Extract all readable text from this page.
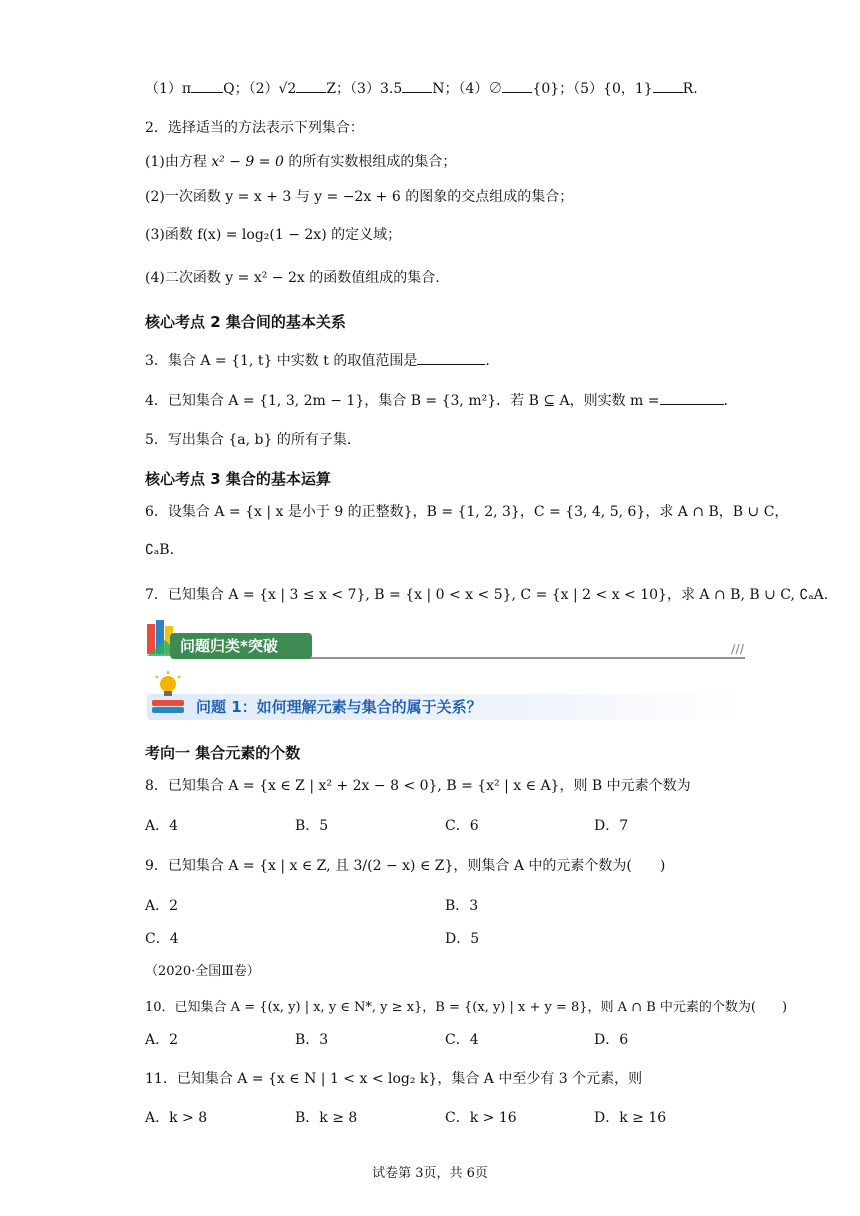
（1）π Q；（2）√2 Z；（3）3.5 N；（4）∅ {0}；（5）{0，1} R.
2．选择适当的方法表示下列集合：
(1)由方程 x² − 9 = 0 的所有实数根组成的集合；
(2)一次函数 y = x + 3 与 y = −2x + 6 的图象的交点组成的集合；
(3)函数 f(x) = log₂(1 − 2x) 的定义域；
(4)二次函数 y = x² − 2x 的函数值组成的集合.
核心考点 2 集合间的基本关系
3．集合 A = {1, t} 中实数 t 的取值范围是	.
4．已知集合 A = {1, 3, 2m − 1}，集合 B = {3, m²}．若 B ⊆ A，则实数 m =	.
5．写出集合 {a, b} 的所有子集.
核心考点 3 集合的基本运算
6．设集合 A = {x | x 是小于 9 的正整数}，B = {1, 2, 3}，C = {3, 4, 5, 6}，求 A ∩ B，B ∪ C，
∁ₐB.
7．已知集合 A = {x | 3 ≤ x < 7}, B = {x | 0 < x < 5}, C = {x | 2 < x < 10}，求 A ∩ B, B ∪ C, ∁ₐA.
问题归类*突破	///
问题 1：如何理解元素与集合的属于关系？
考向一 集合元素的个数
8．已知集合 A = {x ∈ Z | x² + 2x − 8 < 0}, B = {x² | x ∈ A}，则 B 中元素个数为
A．4	B．5	C．6	D．7
9．已知集合 A = {x | x ∈ Z, 且 3/(2 − x) ∈ Z}，则集合 A 中的元素个数为(　　)
A．2	B．3
C．4	D．5
（2020·全国Ⅲ卷）
10．已知集合 A = {(x, y) | x, y ∈ N*, y ≥ x}，B = {(x, y) | x + y = 8}，则 A ∩ B 中元素的个数为(　　)
A．2	B．3	C．4	D．6
11．已知集合 A = {x ∈ N | 1 < x < log₂ k}，集合 A 中至少有 3 个元素，则
A．k > 8	B．k ≥ 8	C．k > 16	D．k ≥ 16
试卷第 3页，共 6页
